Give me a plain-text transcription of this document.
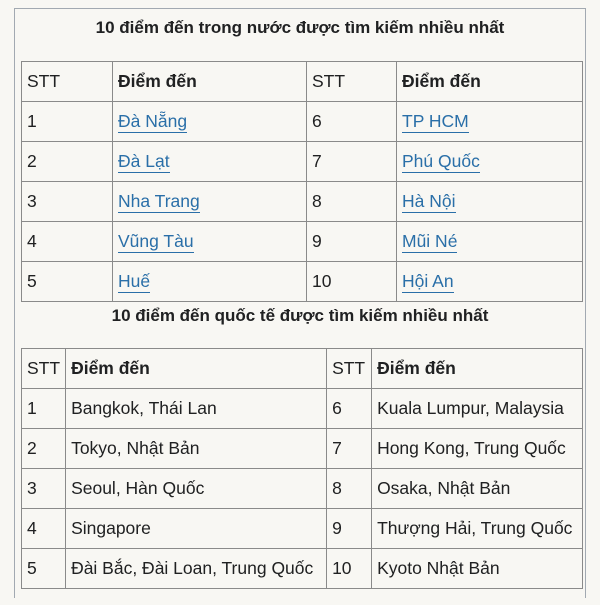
10 điểm đến trong nước được tìm kiếm nhiều nhất
STT	Điểm đến	STT	Điểm đến
1	Đà Nẵng	6	TP HCM
2	Đà Lạt	7	Phú Quốc
3	Nha Trang	8	Hà Nội
4	Vũng Tàu	9	Mũi Né
5	Huế	10	Hội An
10 điểm đến quốc tế được tìm kiếm nhiều nhất
STT	Điểm đến	STT	Điểm đến
1	Bangkok, Thái Lan	6	Kuala Lumpur, Malaysia
2	Tokyo, Nhật Bản	7	Hong Kong, Trung Quốc
3	Seoul, Hàn Quốc	8	Osaka, Nhật Bản
4	Singapore	9	Thượng Hải, Trung Quốc
5	Đài Bắc, Đài Loan, Trung Quốc	10	Kyoto Nhật Bản
